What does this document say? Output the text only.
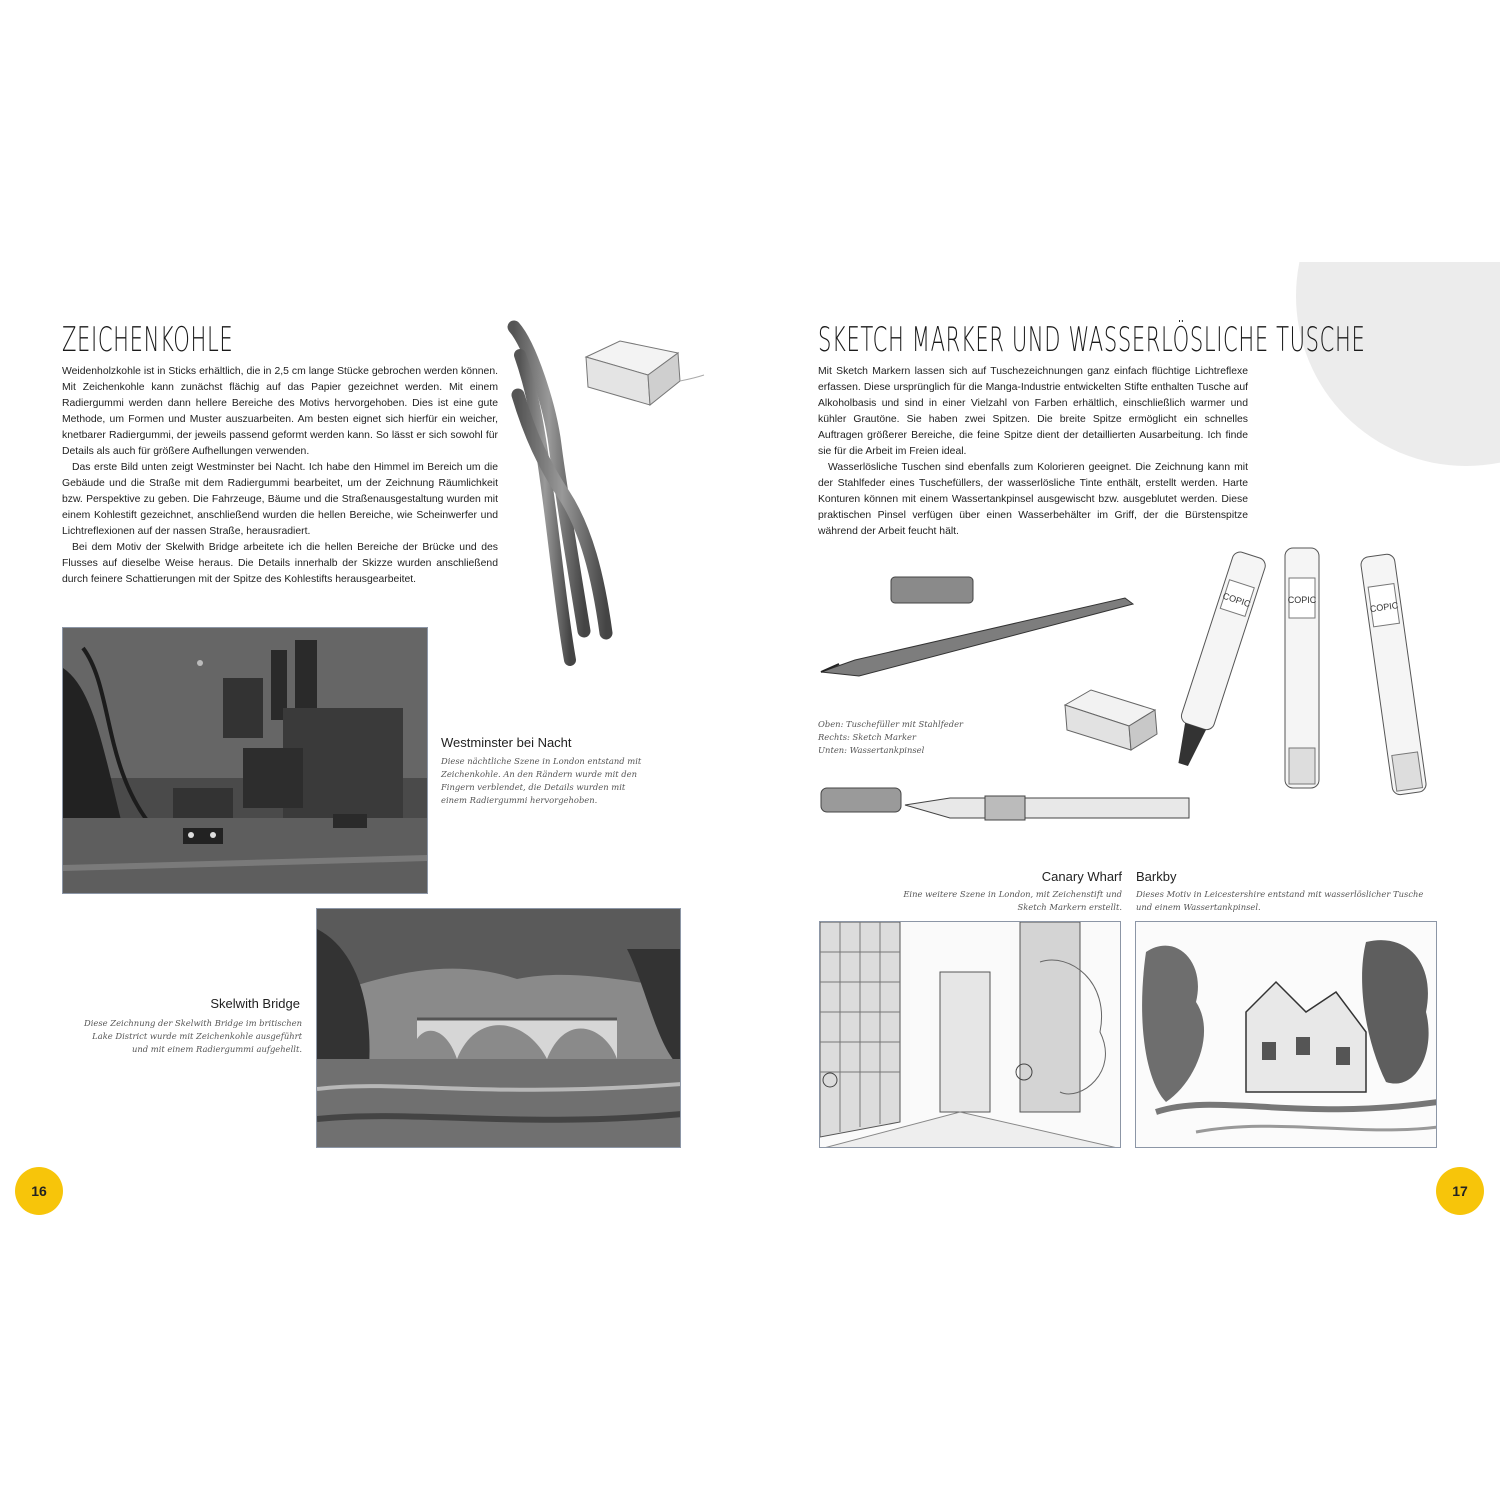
ZEICHENKOHLE

Weidenholzkohle ist in Sticks erhältlich, die in 2,5 cm lange Stücke gebrochen werden können. Mit Zeichenkohle kann zunächst flächig auf das Papier gezeichnet werden. Mit einem Radiergummi werden dann hellere Bereiche des Motivs hervorgehoben. Dies ist eine gute Methode, um Formen und Muster auszuarbeiten. Am besten eignet sich hierfür ein weicher, knetbarer Radiergummi, der jeweils passend geformt werden kann. So lässt er sich sowohl für Details als auch für größere Aufhellungen verwenden.

Das erste Bild unten zeigt Westminster bei Nacht. Ich habe den Himmel im Bereich um die Gebäude und die Straße mit dem Radiergummi bearbeitet, um der Zeichnung Räumlichkeit bzw. Perspektive zu geben. Die Fahrzeuge, Bäume und die Straßenausgestaltung wurden mit einem Kohlestift gezeichnet, anschließend wurden die hellen Bereiche, wie Scheinwerfer und Lichtreflexionen auf der nassen Straße, herausradiert.

Bei dem Motiv der Skelwith Bridge arbeitete ich die hellen Bereiche der Brücke und des Flusses auf dieselbe Weise heraus. Die Details innerhalb der Skizze wurden anschließend durch feinere Schattierungen mit der Spitze des Kohlestifts herausgearbeitet.

Westminster bei Nacht
Diese nächtliche Szene in London entstand mit Zeichenkohle. An den Rändern wurde mit den Fingern verblendet, die Details wurden mit einem Radiergummi hervorgehoben.
Skelwith Bridge
Diese Zeichnung der Skelwith Bridge im britischen Lake District wurde mit Zeichenkohle ausgeführt und mit einem Radiergummi aufgehellt.
16
SKETCH MARKER UND WASSERLÖSLICHE TUSCHE

Mit Sketch Markern lassen sich auf Tuschezeichnungen ganz einfach flüchtige Lichtreflexe erfassen. Diese ursprünglich für die Manga-Industrie entwickelten Stifte enthalten Tusche auf Alkoholbasis und sind in einer Vielzahl von Farben erhältlich, einschließlich warmer und kühler Grautöne. Sie haben zwei Spitzen. Die breite Spitze ermöglicht ein schnelles Auftragen größerer Bereiche, die feine Spitze dient der detaillierten Ausarbeitung. Ich finde sie für die Arbeit im Freien ideal.

Wasserlösliche Tuschen sind ebenfalls zum Kolorieren geeignet. Die Zeichnung kann mit der Stahlfeder eines Tuschefüllers, der wasserlösliche Tinte enthält, erstellt werden. Harte Konturen können mit einem Wassertankpinsel ausgewischt bzw. ausgeblutet werden. Diese praktischen Pinsel verfügen über einen Wasserbehälter im Griff, der die Bürstenspitze während der Arbeit feucht hält.

COPIC	COPIC
COPIC
Oben: Tuschefüller mit Stahlfeder
Rechts: Sketch Marker
Unten: Wassertankpinsel
Canary Wharf
Eine weitere Szene in London, mit Zeichenstift und Sketch Markern erstellt.
Barkby
Dieses Motiv in Leicestershire entstand mit wasserlöslicher Tusche und einem Wassertankpinsel.
17
